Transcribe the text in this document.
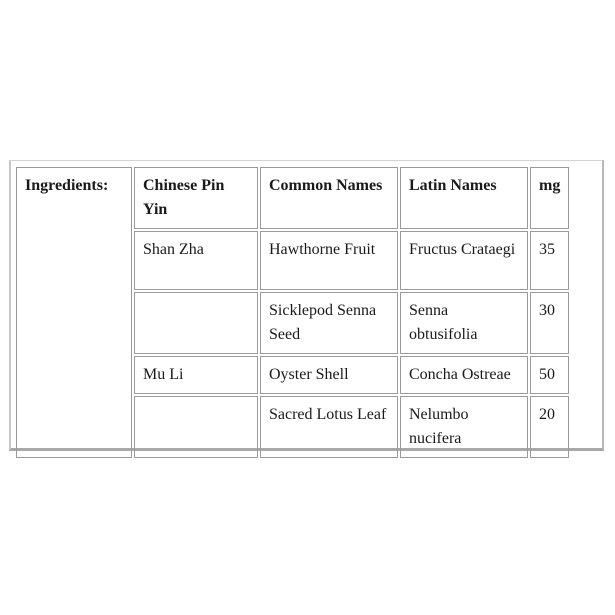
Ingredients:	Chinese Pin Yin	Common Names	Latin Names	mg
	Shan Zha	Hawthorne Fruit	Fructus Crataegi	35
		Sicklepod Senna Seed	Senna obtusifolia	30
	Mu Li	Oyster Shell	Concha Ostreae	50
		Sacred Lotus Leaf	Nelumbo nucifera	20
